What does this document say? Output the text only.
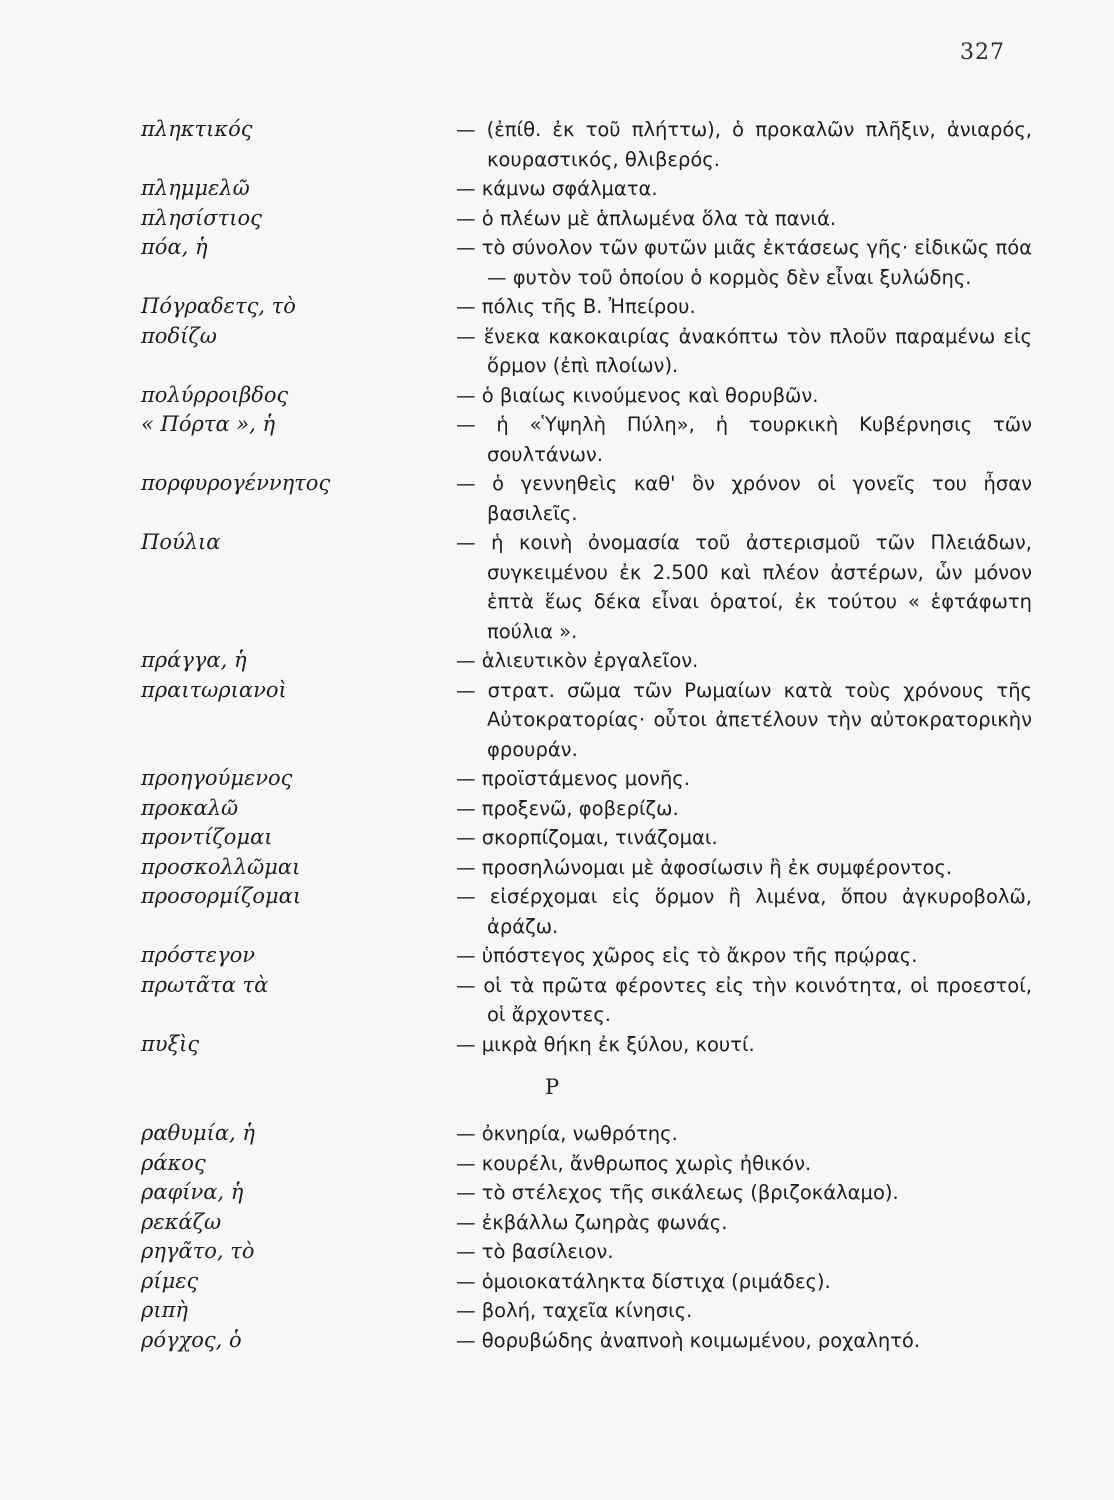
327
πληκτικός	— (ἐπίθ. ἐκ τοῦ πλήττω), ὁ προκαλῶν πλῆξιν, ἀνιαρός, κουραστικός, θλιβερός.
πλημμελῶ	— κάμνω σφάλματα.
πλησίστιος	— ὁ πλέων μὲ ἁπλωμένα ὅλα τὰ πανιά.
πόα, ἡ	— τὸ σύνολον τῶν φυτῶν μιᾶς ἐκτάσεως γῆς· εἰδικῶς πόα — φυτὸν τοῦ ὁποίου ὁ κορμὸς δὲν εἶναι ξυλώδης.
Πόγραδετς, τὸ	— πόλις τῆς Β. Ἠπείρου.
ποδίζω	— ἕνεκα κακοκαιρίας ἀνακόπτω τὸν πλοῦν παραμένω εἰς ὅρμον (ἐπὶ πλοίων).
πολύρροιβδος	— ὁ βιαίως κινούμενος καὶ θορυβῶν.
« Πόρτα », ἡ	— ἡ «Ὑψηλὴ Πύλη», ἡ τουρκικὴ Κυβέρνησις τῶν σουλτάνων.
πορφυρογέννητος	— ὁ γεννηθεὶς καθ' ὃν χρόνον οἱ γονεῖς του ἦσαν βασιλεῖς.
Πούλια	— ἡ κοινὴ ὀνομασία τοῦ ἀστερισμοῦ τῶν Πλειάδων, συγκειμένου ἐκ 2.500 καὶ πλέον ἀστέρων, ὧν μόνον ἑπτὰ ἕως δέκα εἶναι ὁρατοί, ἐκ τούτου « ἑφτάφωτη πούλια ».
πράγγα, ἡ	— ἁλιευτικὸν ἐργαλεῖον.
πραιτωριανοὶ	— στρατ. σῶμα τῶν Ρωμαίων κατὰ τοὺς χρόνους τῆς Αὐτοκρατορίας· οὗτοι ἀπετέλουν τὴν αὐτοκρατορικὴν φρουράν.
προηγούμενος	— προϊστάμενος μονῆς.
προκαλῶ	— προξενῶ, φοβερίζω.
προντίζομαι	— σκορπίζομαι, τινάζομαι.
προσκολλῶμαι	— προσηλώνομαι μὲ ἀφοσίωσιν ἢ ἐκ συμφέροντος.
προσορμίζομαι	— εἰσέρχομαι εἰς ὅρμον ἢ λιμένα, ὅπου ἀγκυροβολῶ, ἀράζω.
πρόστεγον	— ὑπόστεγος χῶρος εἰς τὸ ἄκρον τῆς πρῴρας.
πρωτᾶτα τὰ	— οἱ τὰ πρῶτα φέροντες εἰς τὴν κοινότητα, οἱ προεστοί, οἱ ἄρχοντες.
πυξὶς	— μικρὰ θήκη ἐκ ξύλου, κουτί.
Ρ
ραθυμία, ἡ	— ὀκνηρία, νωθρότης.
ράκος	— κουρέλι, ἄνθρωπος χωρὶς ἠθικόν.
ραφίνα, ἡ	— τὸ στέλεχος τῆς σικάλεως (βριζοκάλαμο).
ρεκάζω	— ἐκβάλλω ζωηρὰς φωνάς.
ρηγᾶτο, τὸ	— τὸ βασίλειον.
ρίμες	— ὁμοιοκατάληκτα δίστιχα (ριμάδες).
ριπὴ	— βολή, ταχεῖα κίνησις.
ρόγχος, ὁ	— θορυβώδης ἀναπνοὴ κοιμωμένου, ροχαλητό.
